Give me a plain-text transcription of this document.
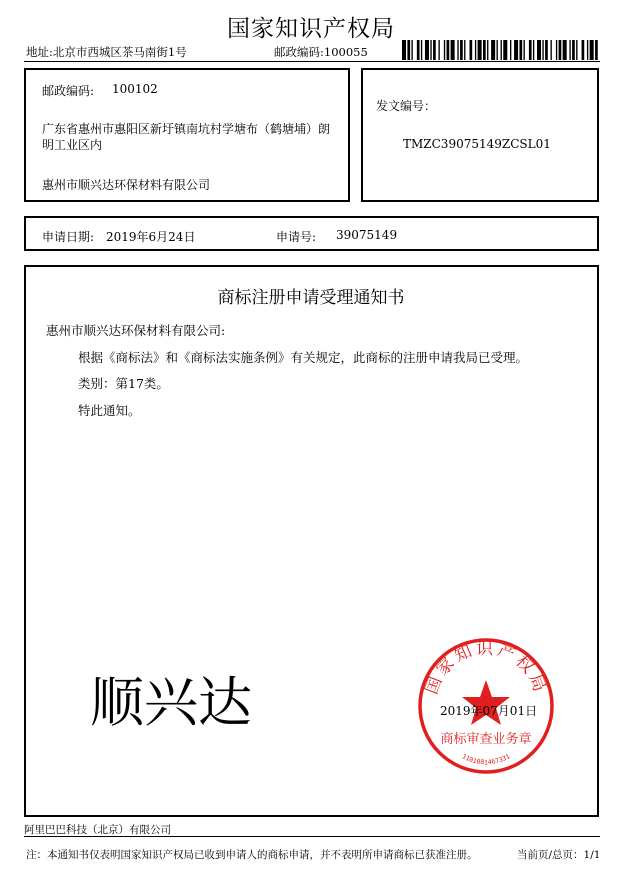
国家知识产权局
地址:北京市西城区茶马南街1号	邮政编码:100055
邮政编码: 100102
广东省惠州市惠阳区新圩镇南坑村学塘布（鹤塘埔）朗
明工业区内
惠州市顺兴达环保材料有限公司
发文编号：
TMZC39075149ZCSL01
申请日期: 2019年6月24日	申请号: 39075149
商标注册申请受理通知书
惠州市顺兴达环保材料有限公司:
根据《商标法》和《商标法实施条例》有关规定，此商标的注册申请我局已受理。
类别：第17类。
特此通知。
顺兴达	国家知识产权局
商标审查业务章
1101081467331
2019年07月01日
阿里巴巴科技（北京）有限公司
注：本通知书仅表明国家知识产权局已收到申请人的商标申请，并不表明所申请商标已获准注册。	当前页/总页：1/1
